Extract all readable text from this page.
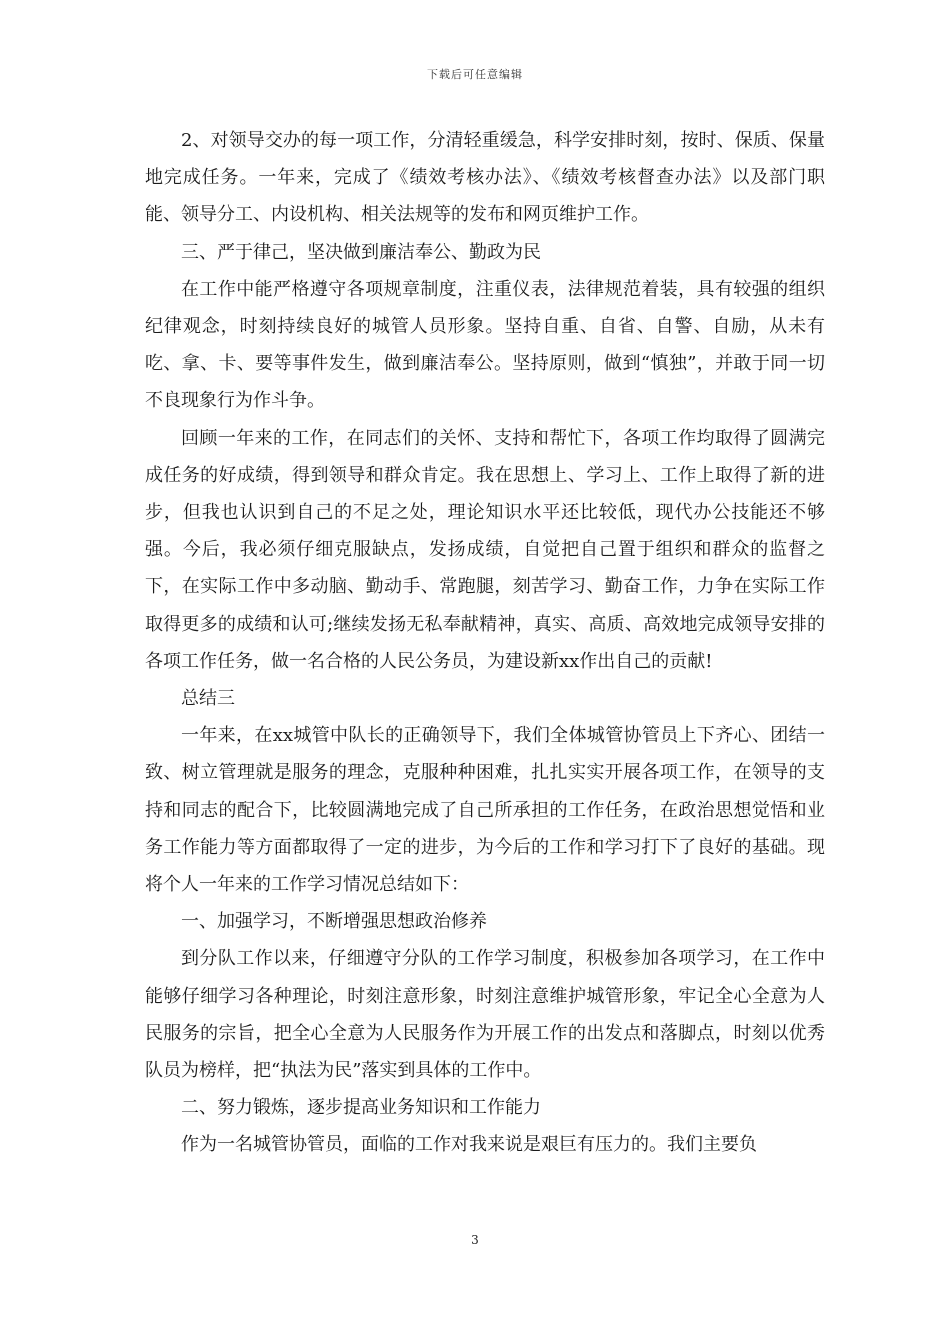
下载后可任意编辑

2、对领导交办的每一项工作，分清轻重缓急，科学安排时刻，按时、保质、保量地完成任务。一年来，完成了《绩效考核办法》、《绩效考核督查办法》以及部门职能、领导分工、内设机构、相关法规等的发布和网页维护工作。

三、严于律己，坚决做到廉洁奉公、勤政为民

在工作中能严格遵守各项规章制度，注重仪表，法律规范着装，具有较强的组织纪律观念，时刻持续良好的城管人员形象。坚持自重、自省、自警、自励，从未有吃、拿、卡、要等事件发生，做到廉洁奉公。坚持原则，做到“慎独”，并敢于同一切不良现象行为作斗争。

回顾一年来的工作，在同志们的关怀、支持和帮忙下，各项工作均取得了圆满完成任务的好成绩，得到领导和群众肯定。我在思想上、学习上、工作上取得了新的进步，但我也认识到自己的不足之处，理论知识水平还比较低，现代办公技能还不够强。今后，我必须仔细克服缺点，发扬成绩，自觉把自己置于组织和群众的监督之下，在实际工作中多动脑、勤动手、常跑腿，刻苦学习、勤奋工作，力争在实际工作取得更多的成绩和认可;继续发扬无私奉献精神，真实、高质、高效地完成领导安排的各项工作任务，做一名合格的人民公务员，为建设新xx作出自己的贡献!

总结三

一年来，在xx城管中队长的正确领导下，我们全体城管协管员上下齐心、团结一致、树立管理就是服务的理念，克服种种困难，扎扎实实开展各项工作，在领导的支持和同志的配合下，比较圆满地完成了自己所承担的工作任务，在政治思想觉悟和业务工作能力等方面都取得了一定的进步，为今后的工作和学习打下了良好的基础。现将个人一年来的工作学习情况总结如下：

一、加强学习，不断增强思想政治修养

到分队工作以来，仔细遵守分队的工作学习制度，积极参加各项学习，在工作中能够仔细学习各种理论，时刻注意形象，时刻注意维护城管形象，牢记全心全意为人民服务的宗旨，把全心全意为人民服务作为开展工作的出发点和落脚点，时刻以优秀队员为榜样，把“执法为民”落实到具体的工作中。

二、努力锻炼，逐步提高业务知识和工作能力

作为一名城管协管员，面临的工作对我来说是艰巨有压力的。我们主要负

3
